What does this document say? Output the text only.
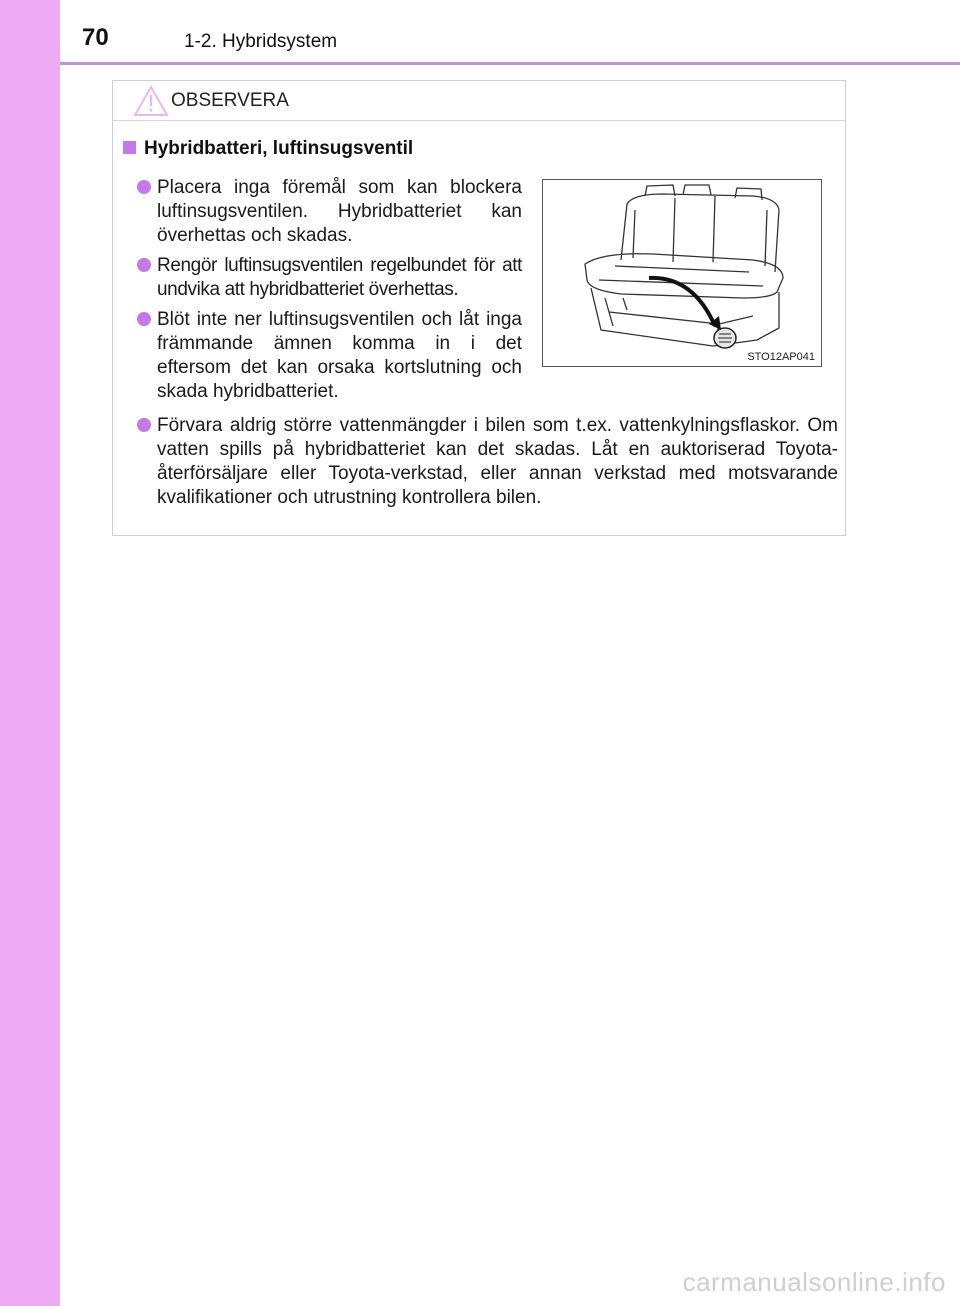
70	1-2. Hybridsystem
OBSERVERA
Hybridbatteri, luftinsugsventil
Placera inga föremål som kan blockera luftinsugsventilen. Hybridbatteriet kan överhettas och skadas.
Rengör luftinsugsventilen regelbundet för att undvika att hybridbatteriet överhettas.
Blöt inte ner luftinsugsventilen och låt inga främmande ämnen komma in i det eftersom det kan orsaka kortslutning och skada hybridbatteriet.
Förvara aldrig större vattenmängder i bilen som t.ex. vattenkylningsflaskor. Om vatten spills på hybridbatteriet kan det skadas. Låt en auktoriserad Toyota-återförsäljare eller Toyota-verkstad, eller annan verkstad med motsvarande kvalifikationer och utrustning kontrollera bilen.
STO12AP041
carmanualsonline.info
